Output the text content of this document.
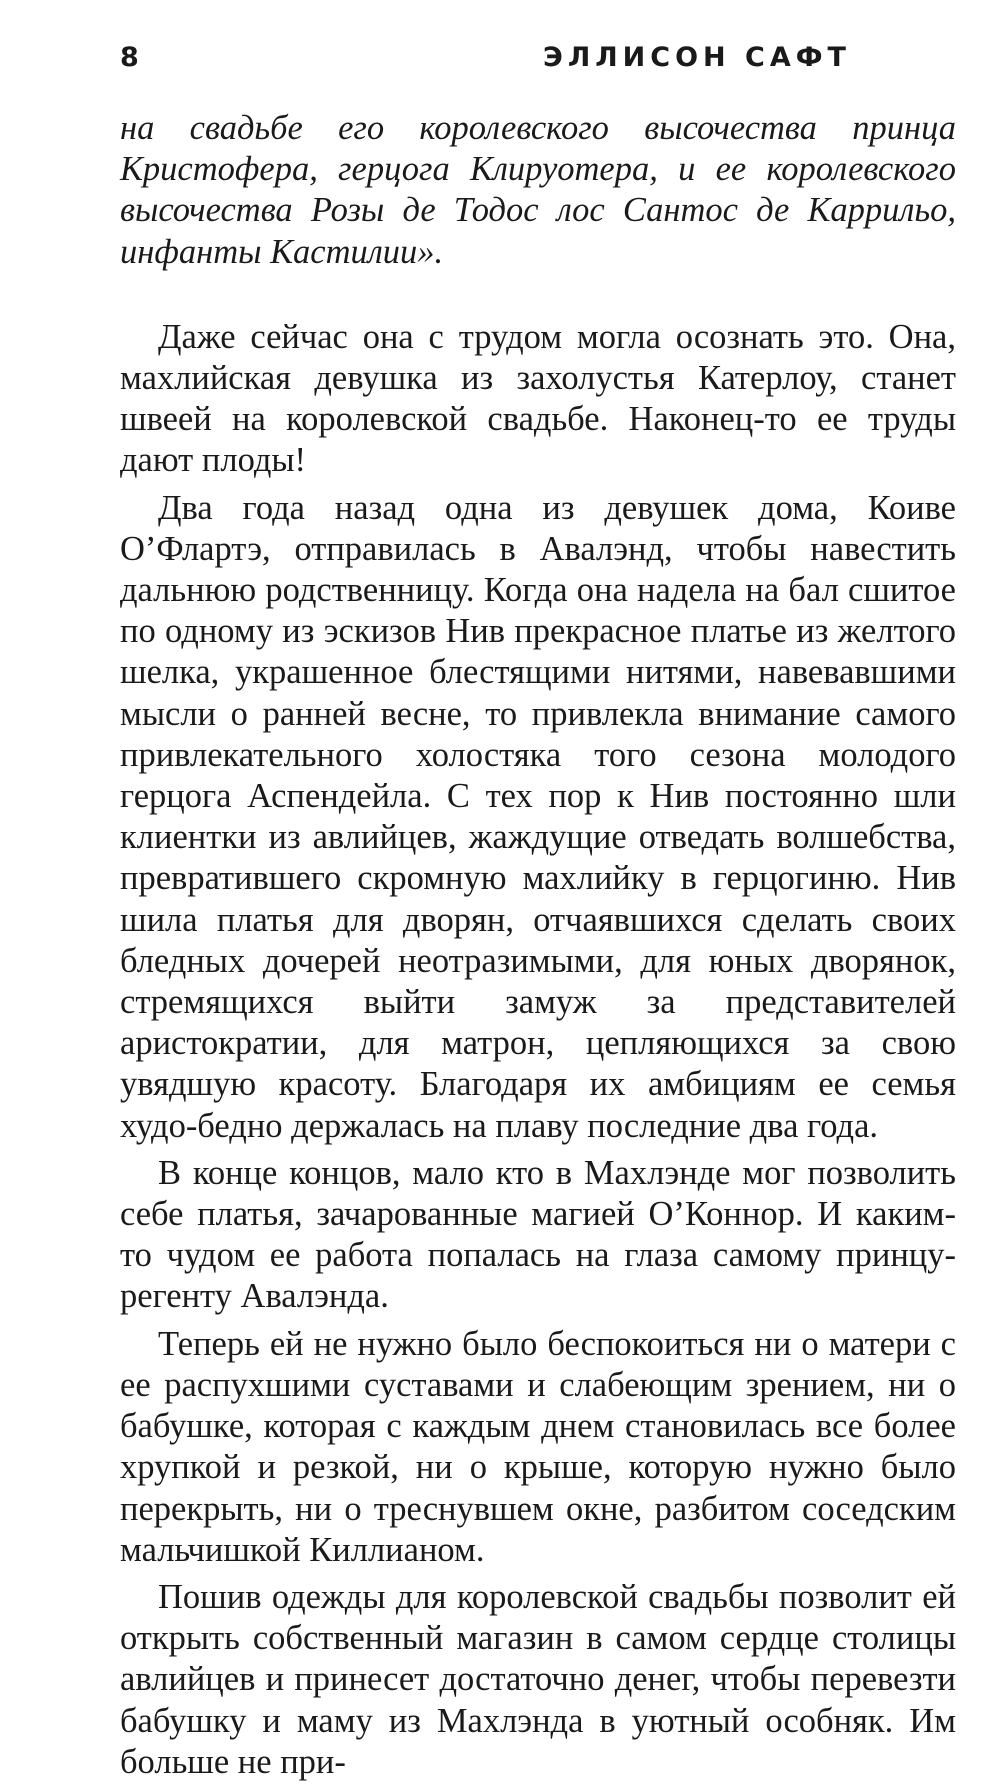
8	ЭЛЛИСОН САФТ

на свадьбе его королевского высочества принца Кристофера, герцога Клируотера, и ее королевского высочества Розы де Тодос лос Сантос де Каррильо, инфанты Кастилии».

Даже сейчас она с трудом могла осознать это. Она, махлийская девушка из захолустья Катерлоу, станет швеей на королевской свадьбе. Наконец-то ее труды дают плоды!

Два года назад одна из девушек дома, Коиве О’Флартэ, отправилась в Авалэнд, чтобы навестить дальнюю родственницу. Когда она надела на бал сшитое по одному из эскизов Нив прекрасное платье из желтого шелка, украшенное блестящими нитями, навевавшими мысли о ранней весне, то привлекла внимание самого привлекательного холостяка того сезона молодого герцога Аспендейла. С тех пор к Нив постоянно шли клиентки из авлийцев, жаждущие отведать волшебства, превратившего скромную махлийку в герцогиню. Нив шила платья для дворян, отчаявшихся сделать своих бледных дочерей неотразимыми, для юных дворянок, стремящихся выйти замуж за представителей аристократии, для матрон, цепляющихся за свою увядшую красоту. Благодаря их амбициям ее семья худо-бедно держалась на плаву последние два года.

В конце концов, мало кто в Махлэнде мог позволить себе платья, зачарованные магией О’Коннор. И каким-то чудом ее работа попалась на глаза самому принцу-регенту Авалэнда.

Теперь ей не нужно было беспокоиться ни о матери с ее распухшими суставами и слабеющим зрением, ни о бабушке, которая с каждым днем становилась все более хрупкой и резкой, ни о крыше, которую нужно было перекрыть, ни о треснувшем окне, разбитом соседским мальчишкой Киллианом.

Пошив одежды для королевской свадьбы позволит ей открыть собственный магазин в самом сердце столицы авлийцев и принесет достаточно денег, чтобы перевезти бабушку и маму из Махлэнда в уютный особняк. Им больше не при-
